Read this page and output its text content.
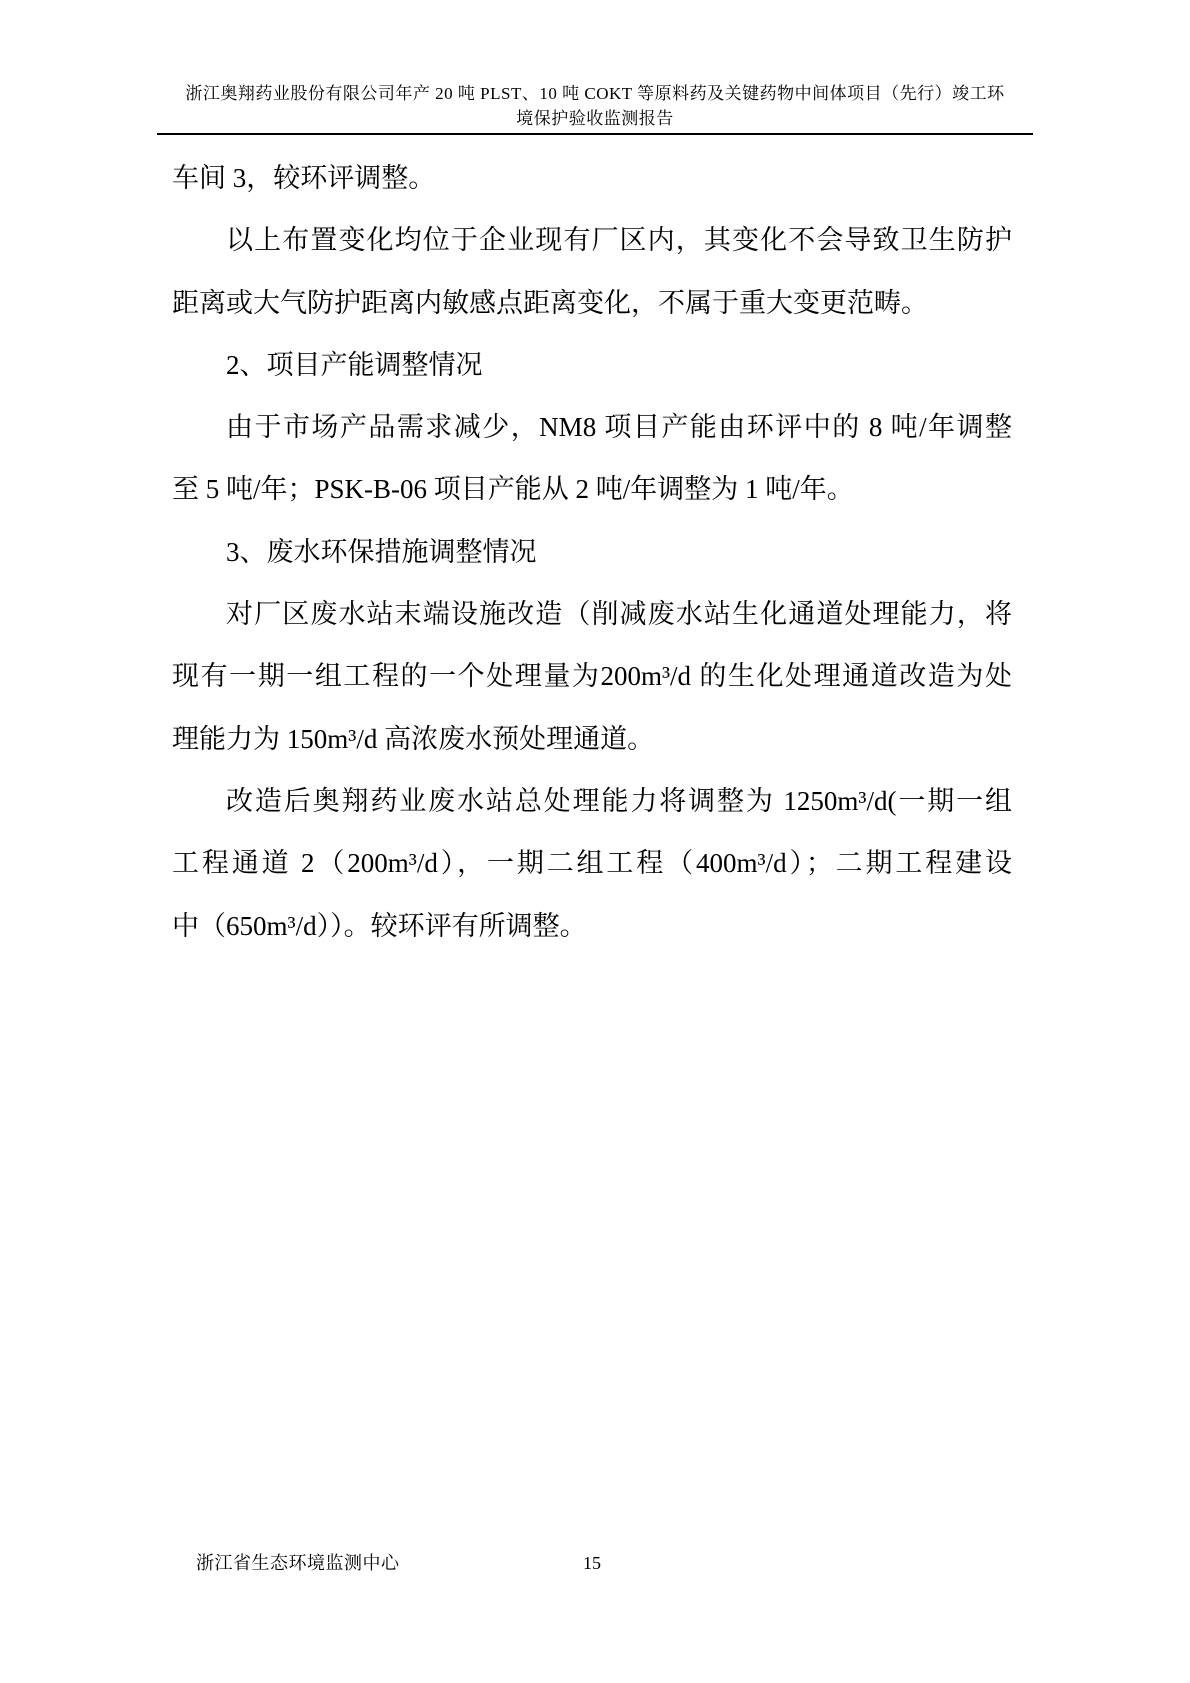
浙江奥翔药业股份有限公司年产 20 吨 PLST、10 吨 COKT 等原料药及关键药物中间体项目（先行）竣工环
境保护验收监测报告
车间 3，较环评调整。
以上布置变化均位于企业现有厂区内，其变化不会导致卫生防护
距离或大气防护距离内敏感点距离变化，不属于重大变更范畴。
2、项目产能调整情况
由于市场产品需求减少，NM8 项目产能由环评中的 8 吨/年调整
至 5 吨/年；PSK-B-06 项目产能从 2 吨/年调整为 1 吨/年。
3、废水环保措施调整情况
对厂区废水站末端设施改造（削减废水站生化通道处理能力，将
现有一期一组工程的一个处理量为200m³/d 的生化处理通道改造为处
理能力为 150m³/d 高浓废水预处理通道。
改造后奥翔药业废水站总处理能力将调整为 1250m³/d(一期一组
工程通道 2（200m³/d），一期二组工程（400m³/d）；二期工程建设
中（650m³/d））。较环评有所调整。
浙江省生态环境监测中心	15
